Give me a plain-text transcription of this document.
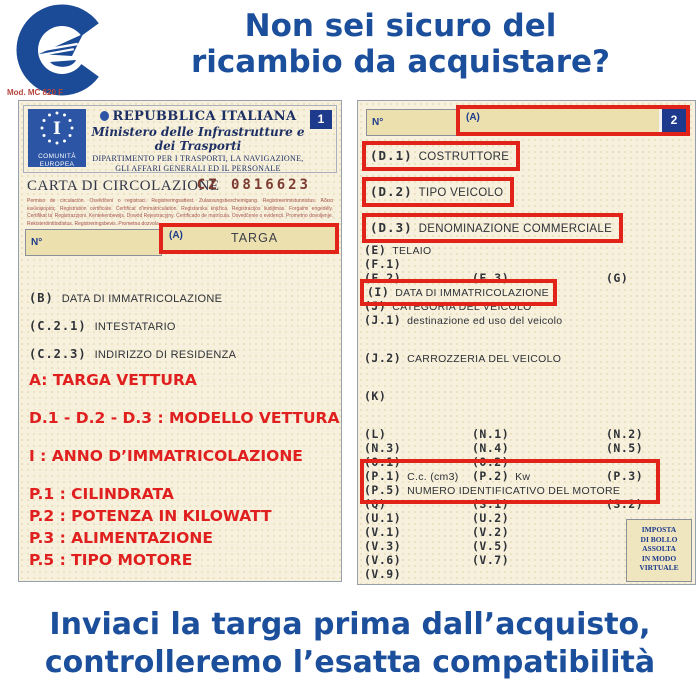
Non sei sicuro del
ricambio da acquistare?
Mod. MC 820 F
I
COMUNITÀ
EUROPEA
1
REPUBBLICA ITALIANA
Ministero delle Infrastrutture e dei Trasporti
DIPARTIMENTO PER I TRASPORTI, LA NAVIGAZIONE,
GLI AFFARI GENERALI ED IL PERSONALE
CARTA DI CIRCOLAZIONE
CZ 0816623
Permiso de circulación. Osvědčení o registraci. Registreringsattest. Zulassungsbescheinigung. Registreerimistunnistus. Άδεια κυκλοφορίας. Registration certificate. Certificat d’immatriculation. Registarska knjižica. Registracijos liudijimas. Forgalmi engedély. Certifikat ta’ Registrazzjoni. Kentekenbewijs. Dowód Rejestracyjny. Certificado de matrícula. Osvedčenie o evidencii. Prometno dovoljenje. Rekisteröintitodistus. Registreringsbevis. Prometna dozvola.
N°
(A)	TARGA
(B) DATA DI IMMATRICOLAZIONE
(C.2.1) INTESTATARIO
(C.2.3) INDIRIZZO DI RESIDENZA
A: TARGA VETTURA
D.1 - D.2 - D.3 : MODELLO VETTURA
I : ANNO D’IMMATRICOLAZIONE
P.1 : CILINDRATA
P.2 : POTENZA IN KILOWATT
P.3 : ALIMENTAZIONE
P.5 : TIPO MOTORE
N°	(A)	2
(D.1) COSTRUTTORE
(D.2) TIPO VEICOLO
(D.3) DENOMINAZIONE COMMERCIALE
(E) TELAIO
(F.1)
(F.2)	(F.3)	(G)
(I) DATA DI IMMATRICOLAZIONE
(J) CATEGORIA DEL VEICOLO
(J.1) destinazione ed uso del veicolo
(J.2) CARROZZERIA DEL VEICOLO
(K)
(L)	(N.1)	(N.2)
(N.3)	(N.4)	(N.5)
(O.1)	(O.2)
(P.1) C.c. (cm3) (P.2) Kw	(P.3)
(P.5) NUMERO IDENTIFICATIVO DEL MOTORE
(Q)	(S.1)	(S.2)
(U.1)	(U.2)
(V.1)	(V.2)
(V.3)	(V.5)
(V.6)	(V.7)
(V.9)
IMPOSTA
DI BOLLO
ASSOLTA
IN MODO
VIRTUALE
Inviaci la targa prima dall’acquisto,
controlleremo l’esatta compatibilità
